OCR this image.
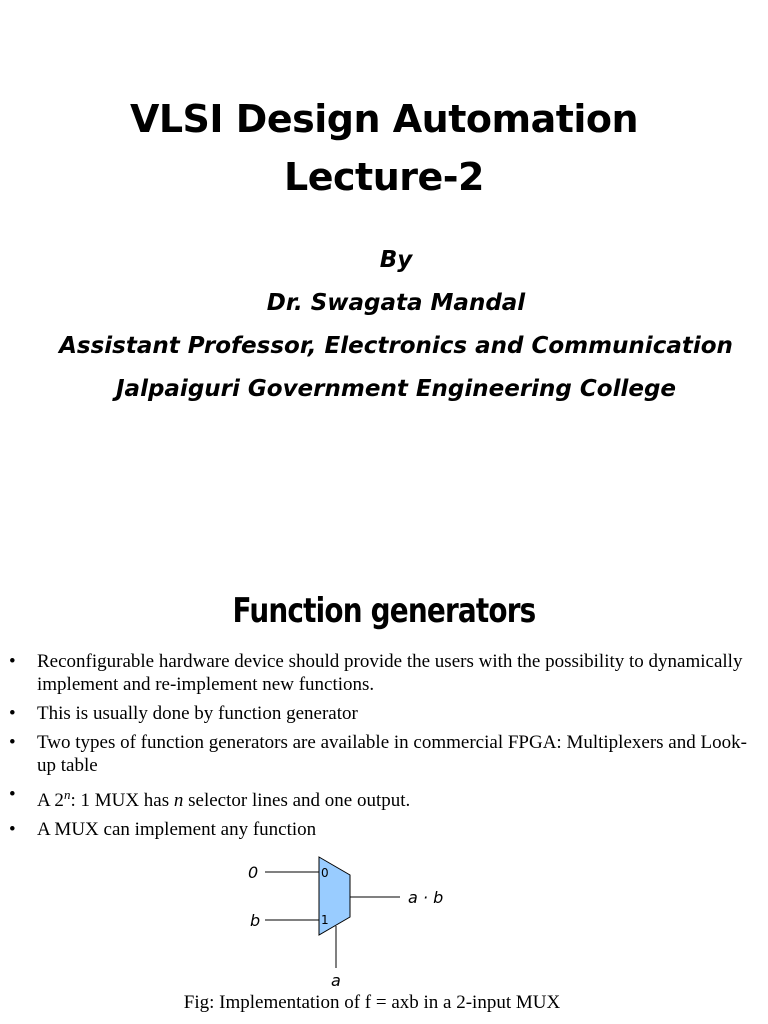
VLSI Design Automation
Lecture-2
By
Dr. Swagata Mandal
Assistant Professor, Electronics and Communication
Jalpaiguri Government Engineering College
Function generators
• Reconfigurable hardware device should provide the users with the possibility to dynamically implement and re-implement new functions.
• This is usually done by function generator
• Two types of function generators are available in commercial FPGA: Multiplexers and Look-up table
• A 2$^n$: 1 MUX has n selector lines and one output.
• A MUX can implement any function
0
b
0
1
a · b
a
Fig: Implementation of f = axb in a 2-input MUX
